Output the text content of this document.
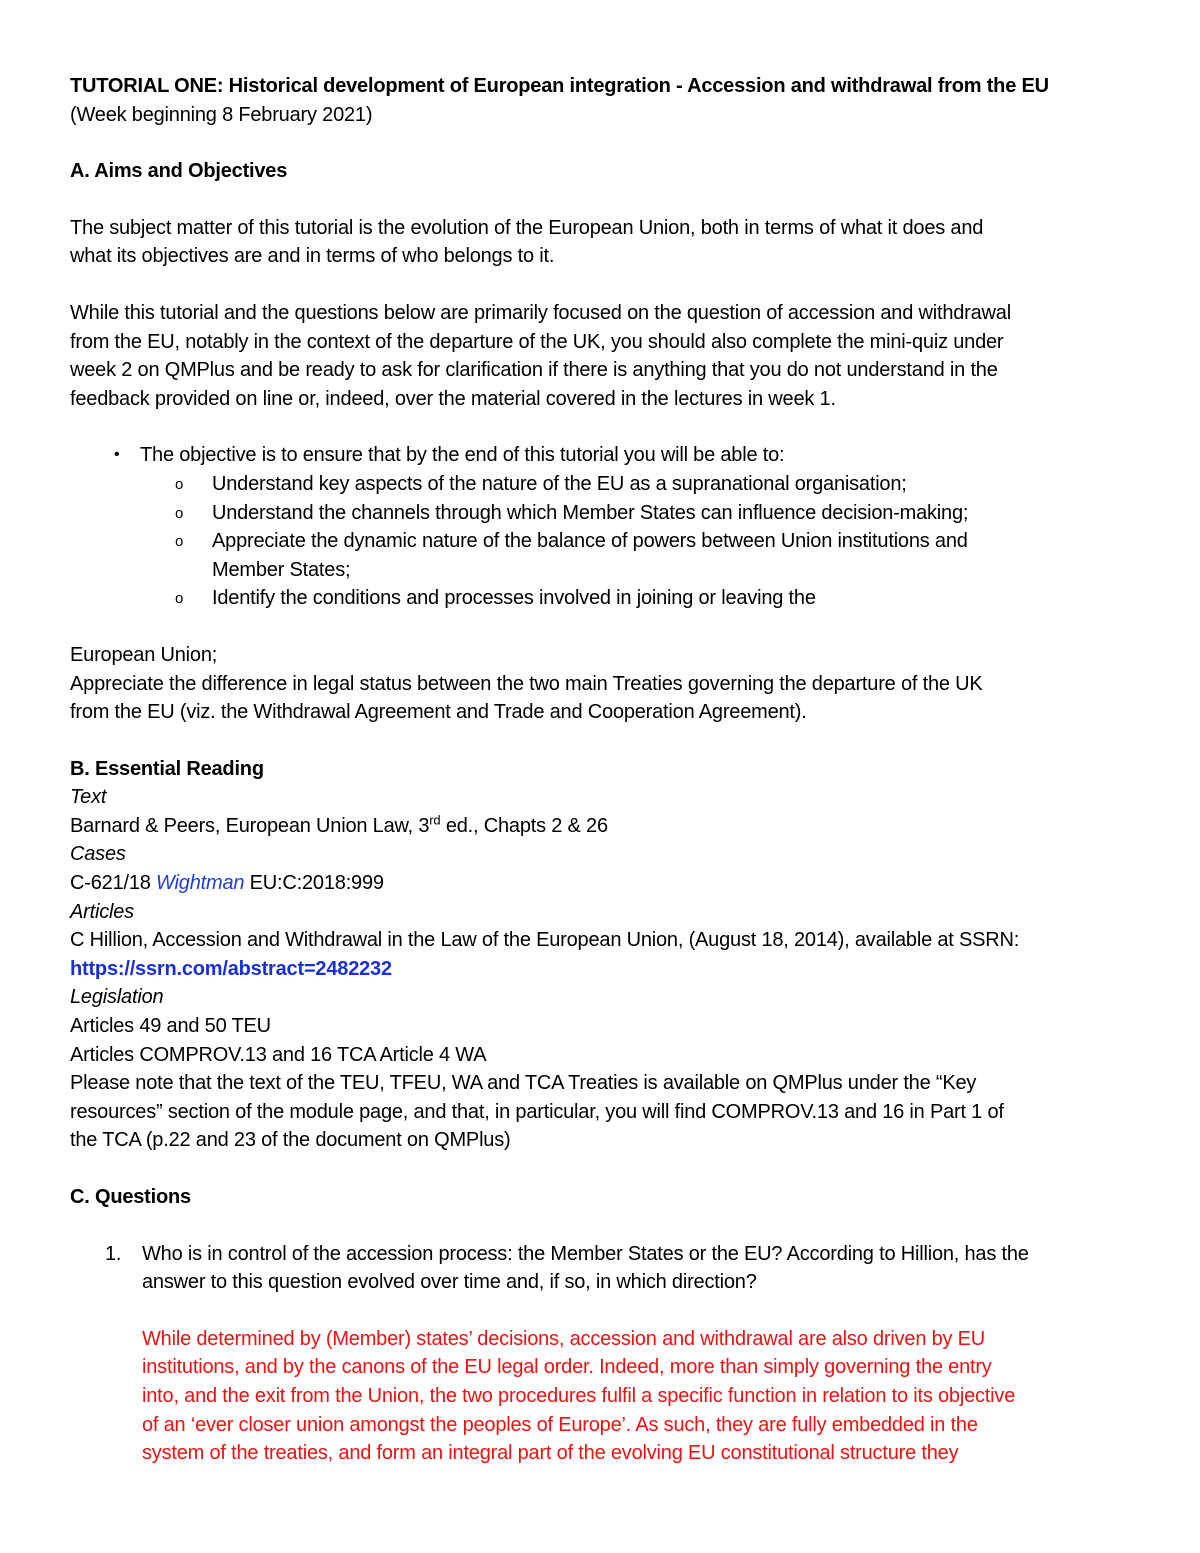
TUTORIAL ONE: Historical development of European integration - Accession and withdrawal from the EU
(Week beginning 8 February 2021)
A. Aims and Objectives
The subject matter of this tutorial is the evolution of the European Union, both in terms of what it does and
what its objectives are and in terms of who belongs to it.
While this tutorial and the questions below are primarily focused on the question of accession and withdrawal
from the EU, notably in the context of the departure of the UK, you should also complete the mini-quiz under
week 2 on QMPlus and be ready to ask for clarification if there is anything that you do not understand in the
feedback provided on line or, indeed, over the material covered in the lectures in week 1.
• The objective is to ensure that by the end of this tutorial you will be able to:
o Understand key aspects of the nature of the EU as a supranational organisation;
o Understand the channels through which Member States can influence decision-making;
o Appreciate the dynamic nature of the balance of powers between Union institutions and
Member States;
o Identify the conditions and processes involved in joining or leaving the
European Union;
Appreciate the difference in legal status between the two main Treaties governing the departure of the UK
from the EU (viz. the Withdrawal Agreement and Trade and Cooperation Agreement).
B. Essential Reading
Text
Barnard & Peers, European Union Law, 3rd ed., Chapts 2 & 26
Cases
C-621/18 Wightman EU:C:2018:999
Articles
C Hillion, Accession and Withdrawal in the Law of the European Union, (August 18, 2014), available at SSRN:
https://ssrn.com/abstract=2482232
Legislation
Articles 49 and 50 TEU
Articles COMPROV.13 and 16 TCA Article 4 WA
Please note that the text of the TEU, TFEU, WA and TCA Treaties is available on QMPlus under the “Key
resources” section of the module page, and that, in particular, you will find COMPROV.13 and 16 in Part 1 of
the TCA (p.22 and 23 of the document on QMPlus)
C. Questions
1. Who is in control of the accession process: the Member States or the EU? According to Hillion, has the
answer to this question evolved over time and, if so, in which direction?
While determined by (Member) states’ decisions, accession and withdrawal are also driven by EU
institutions, and by the canons of the EU legal order. Indeed, more than simply governing the entry
into, and the exit from the Union, the two procedures fulfil a specific function in relation to its objective
of an ‘ever closer union amongst the peoples of Europe’. As such, they are fully embedded in the
system of the treaties, and form an integral part of the evolving EU constitutional structure they
